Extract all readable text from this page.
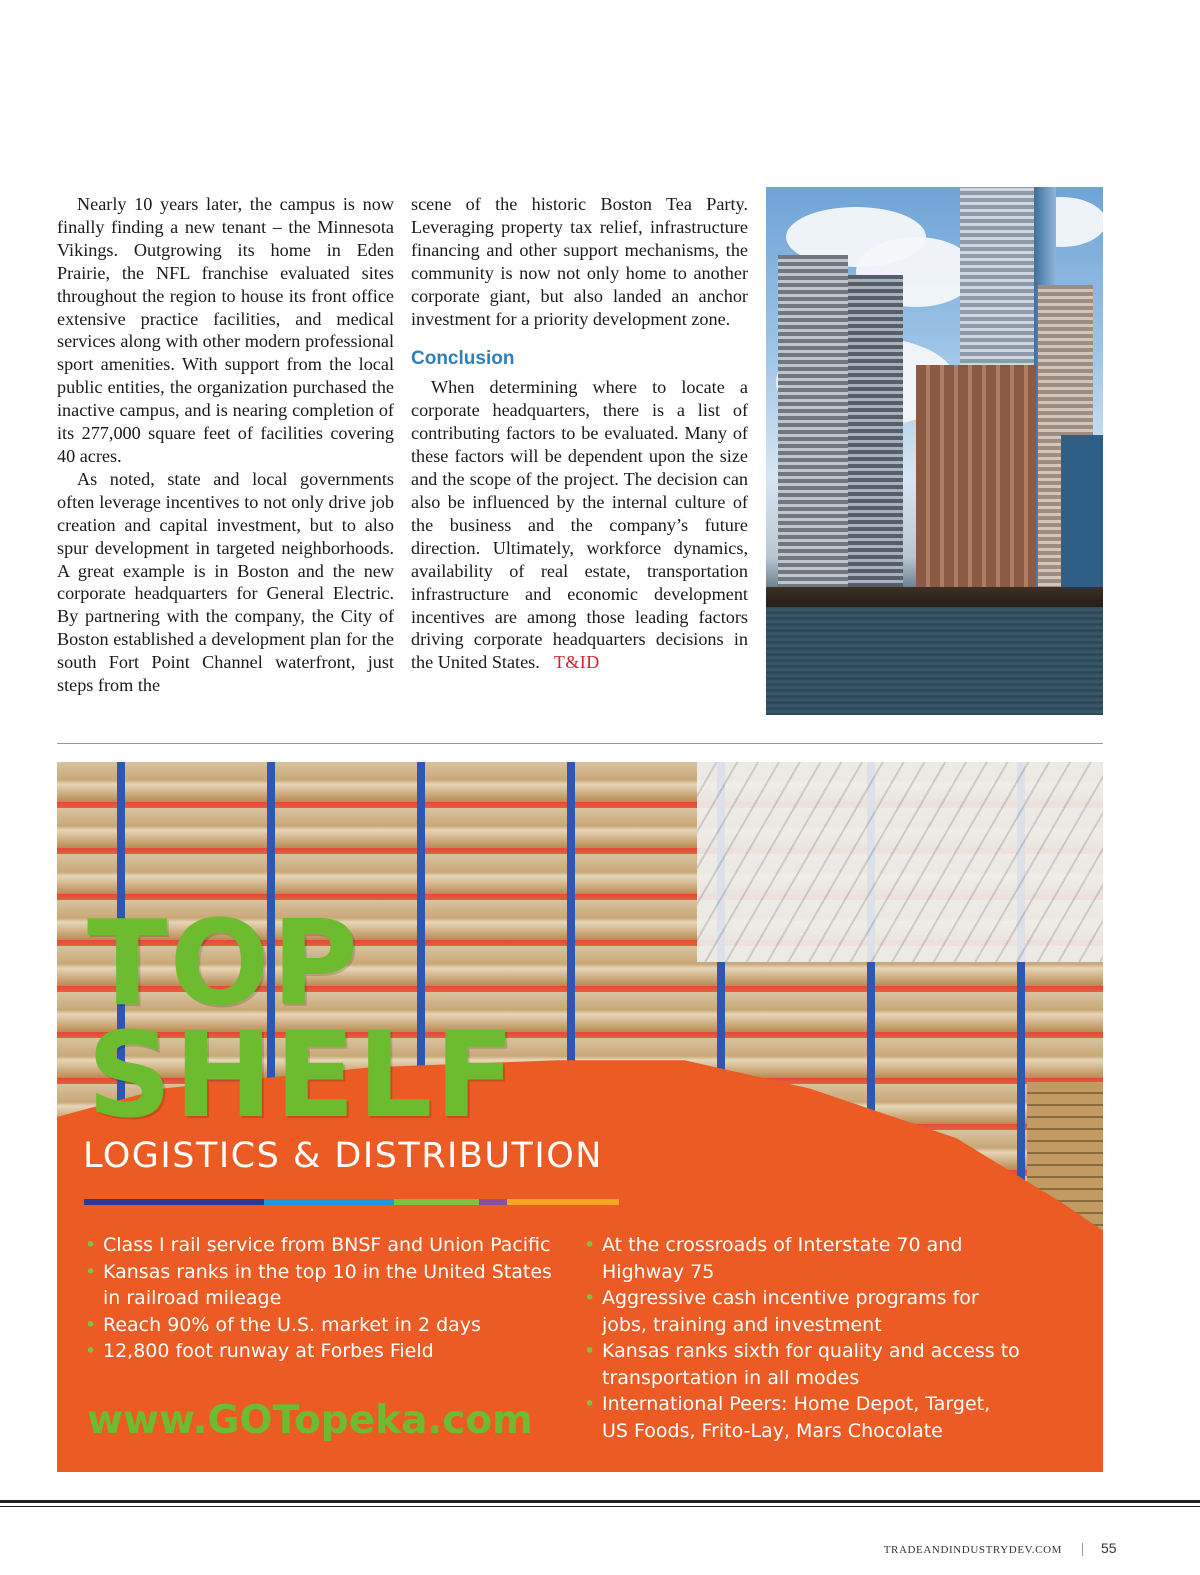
Nearly 10 years later, the campus is now finally finding a new tenant – the Minnesota Vikings. Outgrowing its home in Eden Prairie, the NFL franchise evaluated sites throughout the region to house its front office extensive practice facilities, and medical services along with other modern professional sport amenities. With support from the local public entities, the organization purchased the inactive campus, and is nearing completion of its 277,000 square feet of facilities covering 40 acres.

As noted, state and local governments often leverage incentives to not only drive job creation and capital investment, but to also spur development in targeted neighborhoods. A great example is in Boston and the new corporate headquarters for General Electric. By partnering with the company, the City of Boston established a development plan for the south Fort Point Channel waterfront, just steps from the

scene of the historic Boston Tea Party. Leveraging property tax relief, infrastructure financing and other support mechanisms, the community is now not only home to another corporate giant, but also landed an anchor investment for a priority development zone.

Conclusion

When determining where to locate a corporate headquarters, there is a list of contributing factors to be evaluated. Many of these factors will be dependent upon the size and the scope of the project. The decision can also be influenced by the internal culture of the business and the company’s future direction. Ultimately, workforce dynamics, availability of real estate, transportation infrastructure and economic development incentives are among those leading factors driving corporate headquarters decisions in the United States. T&ID

TOP
SHELF
LOGISTICS & DISTRIBUTION
• Class I rail service from BNSF and Union Pacific
• Kansas ranks in the top 10 in the United States in railroad mileage
• Reach 90% of the U.S. market in 2 days
• 12,800 foot runway at Forbes Field
• At the crossroads of Interstate 70 and Highway 75
• Aggressive cash incentive programs for jobs, training and investment
• Kansas ranks sixth for quality and access to transportation in all modes
• International Peers: Home Depot, Target, US Foods, Frito-Lay, Mars Chocolate
www.GOTopeka.com
TRADEANDINDUSTRYDEV.COM	55
